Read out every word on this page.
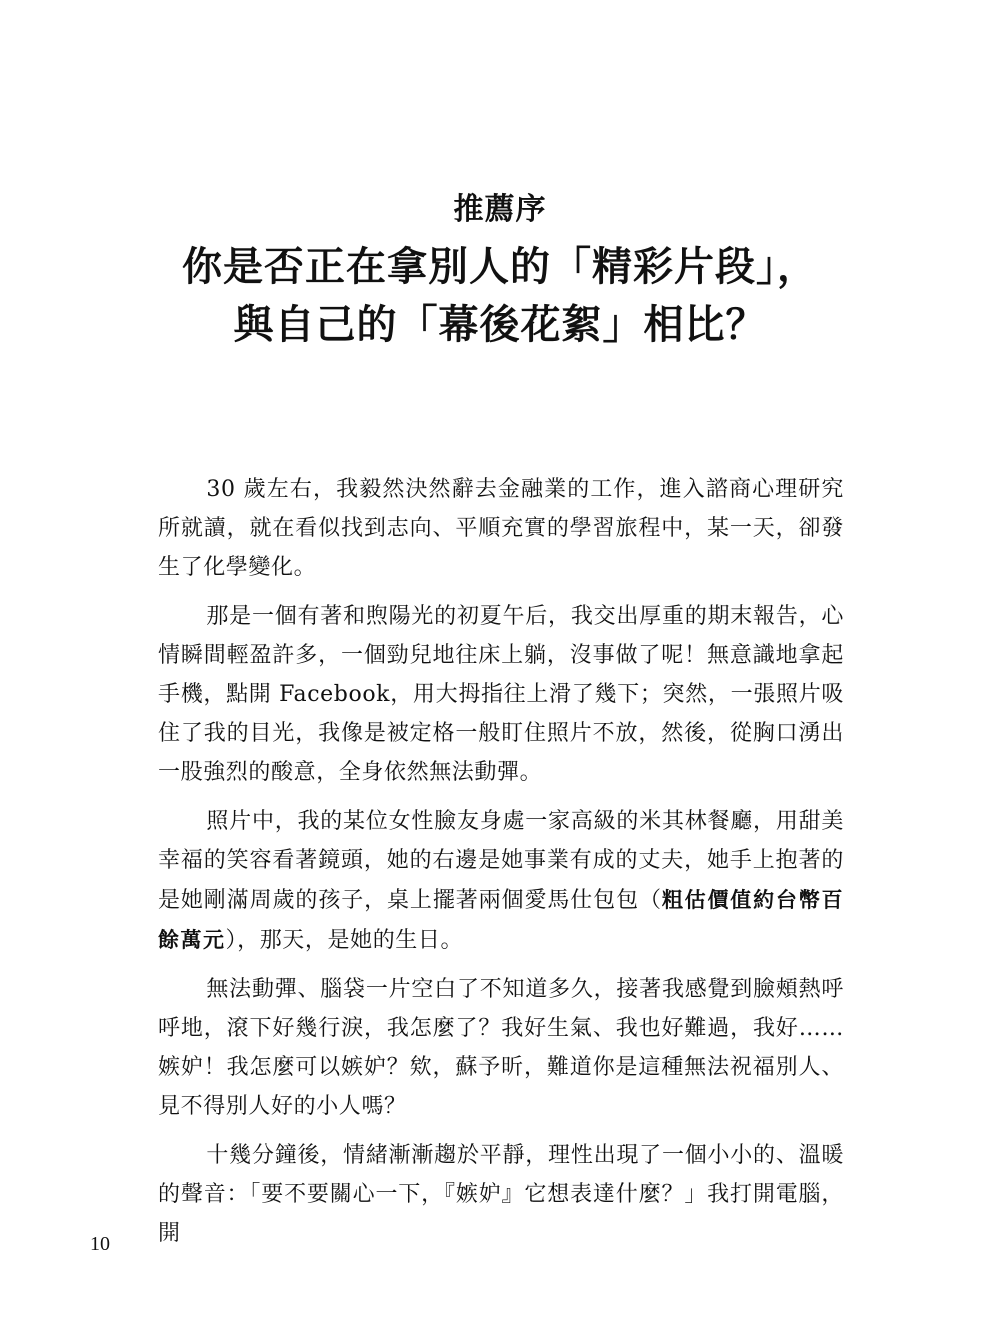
推薦序
你是否正在拿別人的「精彩片段」，
與自己的「幕後花絮」相比？

30 歲左右，我毅然決然辭去金融業的工作，進入諮商心理研究所就讀，就在看似找到志向、平順充實的學習旅程中，某一天，卻發生了化學變化。

那是一個有著和煦陽光的初夏午后，我交出厚重的期末報告，心情瞬間輕盈許多，一個勁兒地往床上躺，沒事做了呢！無意識地拿起手機，點開 Facebook，用大拇指往上滑了幾下；突然，一張照片吸住了我的目光，我像是被定格一般盯住照片不放，然後，從胸口湧出一股強烈的酸意，全身依然無法動彈。

照片中，我的某位女性臉友身處一家高級的米其林餐廳，用甜美幸福的笑容看著鏡頭，她的右邊是她事業有成的丈夫，她手上抱著的是她剛滿周歲的孩子，桌上擺著兩個愛馬仕包包（粗估價值約台幣百餘萬元），那天，是她的生日。

無法動彈、腦袋一片空白了不知道多久，接著我感覺到臉頰熱呼呼地，滾下好幾行淚，我怎麼了？我好生氣、我也好難過，我好……嫉妒！我怎麼可以嫉妒？欸，蘇予昕，難道你是這種無法祝福別人、見不得別人好的小人嗎？

十幾分鐘後，情緒漸漸趨於平靜，理性出現了一個小小的、溫暖的聲音：「要不要關心一下，『嫉妒』它想表達什麼？」我打開電腦，開

10
